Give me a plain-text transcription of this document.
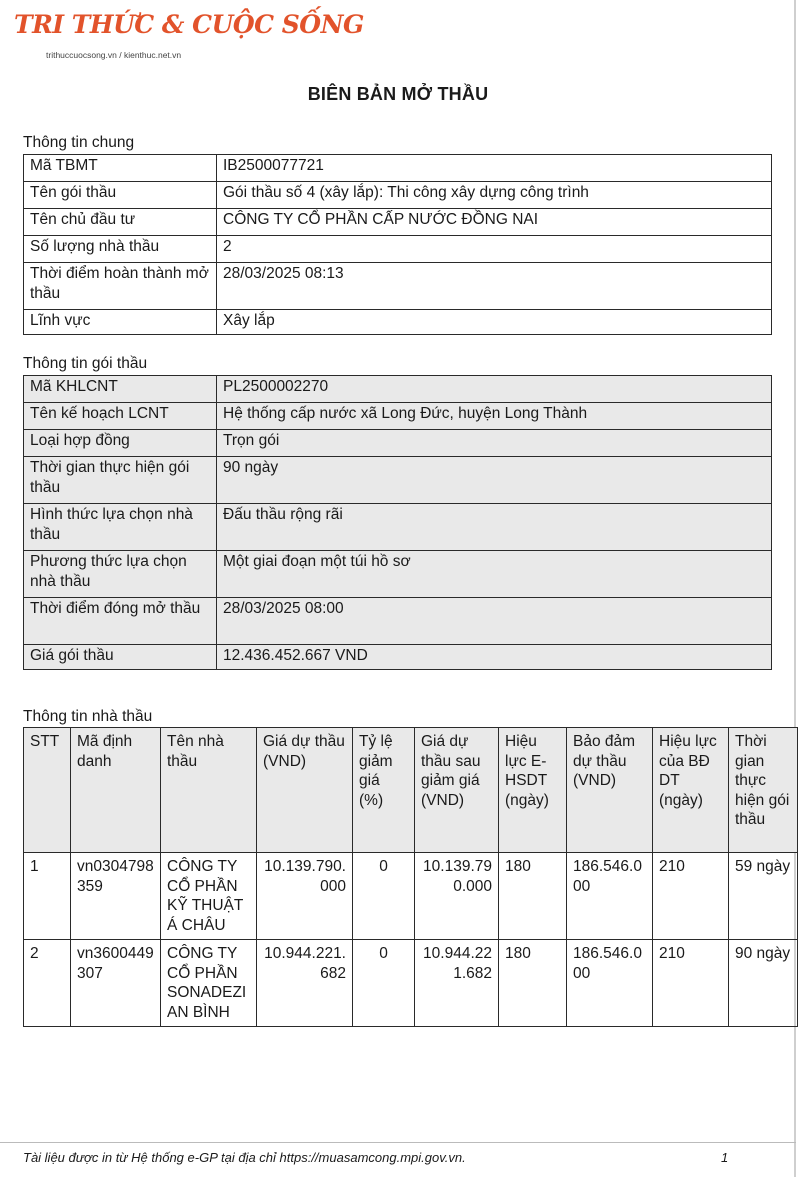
TRI THỨC & CUỘC SỐNG
trithuccuocsong.vn / kienthuc.net.vn
BIÊN BẢN MỞ THẦU
Thông tin chung
Mã TBMT	IB2500077721
Tên gói thầu	Gói thầu số 4 (xây lắp): Thi công xây dựng công trình
Tên chủ đầu tư	CÔNG TY CỔ PHẦN CẤP NƯỚC ĐỒNG NAI
Số lượng nhà thầu	2
Thời điểm hoàn thành mở thầu	28/03/2025 08:13
Lĩnh vực	Xây lắp
Thông tin gói thầu
Mã KHLCNT	PL2500002270
Tên kế hoạch LCNT	Hệ thống cấp nước xã Long Đức, huyện Long Thành
Loại hợp đồng	Trọn gói
Thời gian thực hiện gói thầu	90 ngày
Hình thức lựa chọn nhà thầu	Đấu thầu rộng rãi
Phương thức lựa chọn nhà thầu	Một giai đoạn một túi hồ sơ
Thời điểm đóng mở thầu	28/03/2025 08:00
Giá gói thầu	12.436.452.667 VND
Thông tin nhà thầu
STT	Mã định danh	Tên nhà thầu	Giá dự thầu (VND)	Tỷ lệ giảm giá (%)	Giá dự thầu sau giảm giá (VND)	Hiệu lực E-HSDT (ngày)	Bảo đảm dự thầu (VND)	Hiệu lực của BĐ DT (ngày)	Thời gian thực hiện gói thầu
1	vn0304798359	CÔNG TY CỔ PHẦN KỸ THUẬT Á CHÂU	10.139.790.000	0	10.139.790.000	180	186.546.000	210	59 ngày
2	vn3600449307	CÔNG TY CỔ PHẦN SONADEZI AN BÌNH	10.944.221.682	0	10.944.221.682	180	186.546.000	210	90 ngày
Tài liệu được in từ Hệ thống e-GP tại địa chỉ https://muasamcong.mpi.gov.vn.	1
